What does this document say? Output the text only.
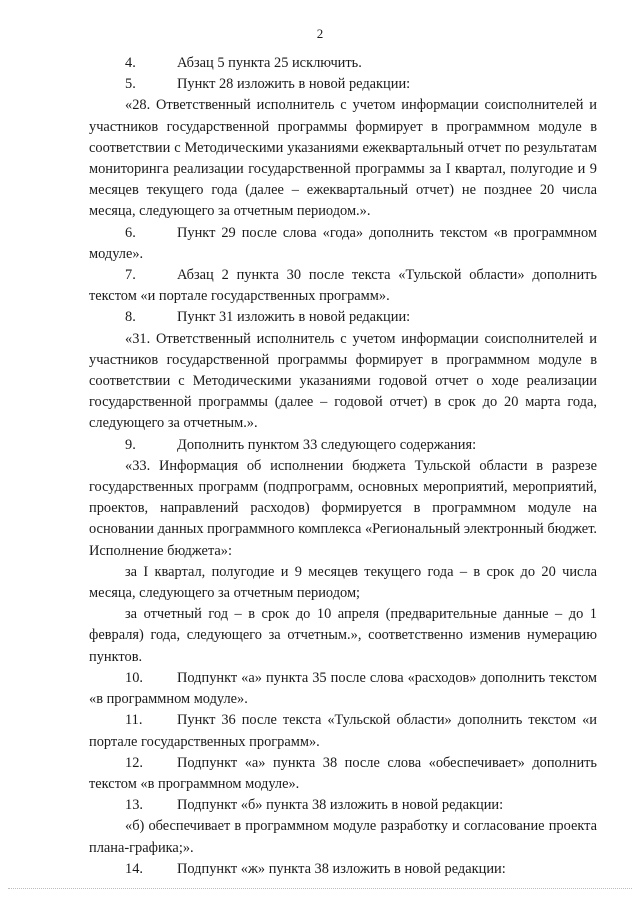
2

4.	Абзац 5 пункта 25 исключить.

5.	Пункт 28 изложить в новой редакции:

«28. Ответственный исполнитель с учетом информации соисполнителей и участников государственной программы формирует в программном модуле в соответствии с Методическими указаниями ежеквартальный отчет по результатам мониторинга реализации государственной программы за I квартал, полугодие и 9 месяцев текущего года (далее – ежеквартальный отчет) не позднее 20 числа месяца, следующего за отчетным периодом.».

6.	Пункт 29 после слова «года» дополнить текстом «в программном модуле».

7.	Абзац 2 пункта 30 после текста «Тульской области» дополнить текстом «и портале государственных программ».

8.	Пункт 31 изложить в новой редакции:

«31. Ответственный исполнитель с учетом информации соисполнителей и участников государственной программы формирует в программном модуле в соответствии с Методическими указаниями годовой отчет о ходе реализации государственной программы (далее – годовой отчет) в срок до 20 марта года, следующего за отчетным.».

9.	Дополнить пунктом 33 следующего содержания:

«33. Информация об исполнении бюджета Тульской области в разрезе государственных программ (подпрограмм, основных мероприятий, мероприятий, проектов, направлений расходов) формируется в программном модуле на основании данных программного комплекса «Региональный электронный бюджет. Исполнение бюджета»:

за I квартал, полугодие и 9 месяцев текущего года – в срок до 20 числа месяца, следующего за отчетным периодом;

за отчетный год – в срок до 10 апреля (предварительные данные – до 1 февраля) года, следующего за отчетным.», соответственно изменив нумерацию пунктов.

10. Подпункт «а» пункта 35 после слова «расходов» дополнить текстом «в программном модуле».

11. Пункт 36 после текста «Тульской области» дополнить текстом «и портале государственных программ».

12. Подпункт «а» пункта 38 после слова «обеспечивает» дополнить текстом «в программном модуле».

13. Подпункт «б» пункта 38 изложить в новой редакции:

«б) обеспечивает в программном модуле разработку и согласование проекта плана-графика;».

14. Подпункт «ж» пункта 38 изложить в новой редакции:
